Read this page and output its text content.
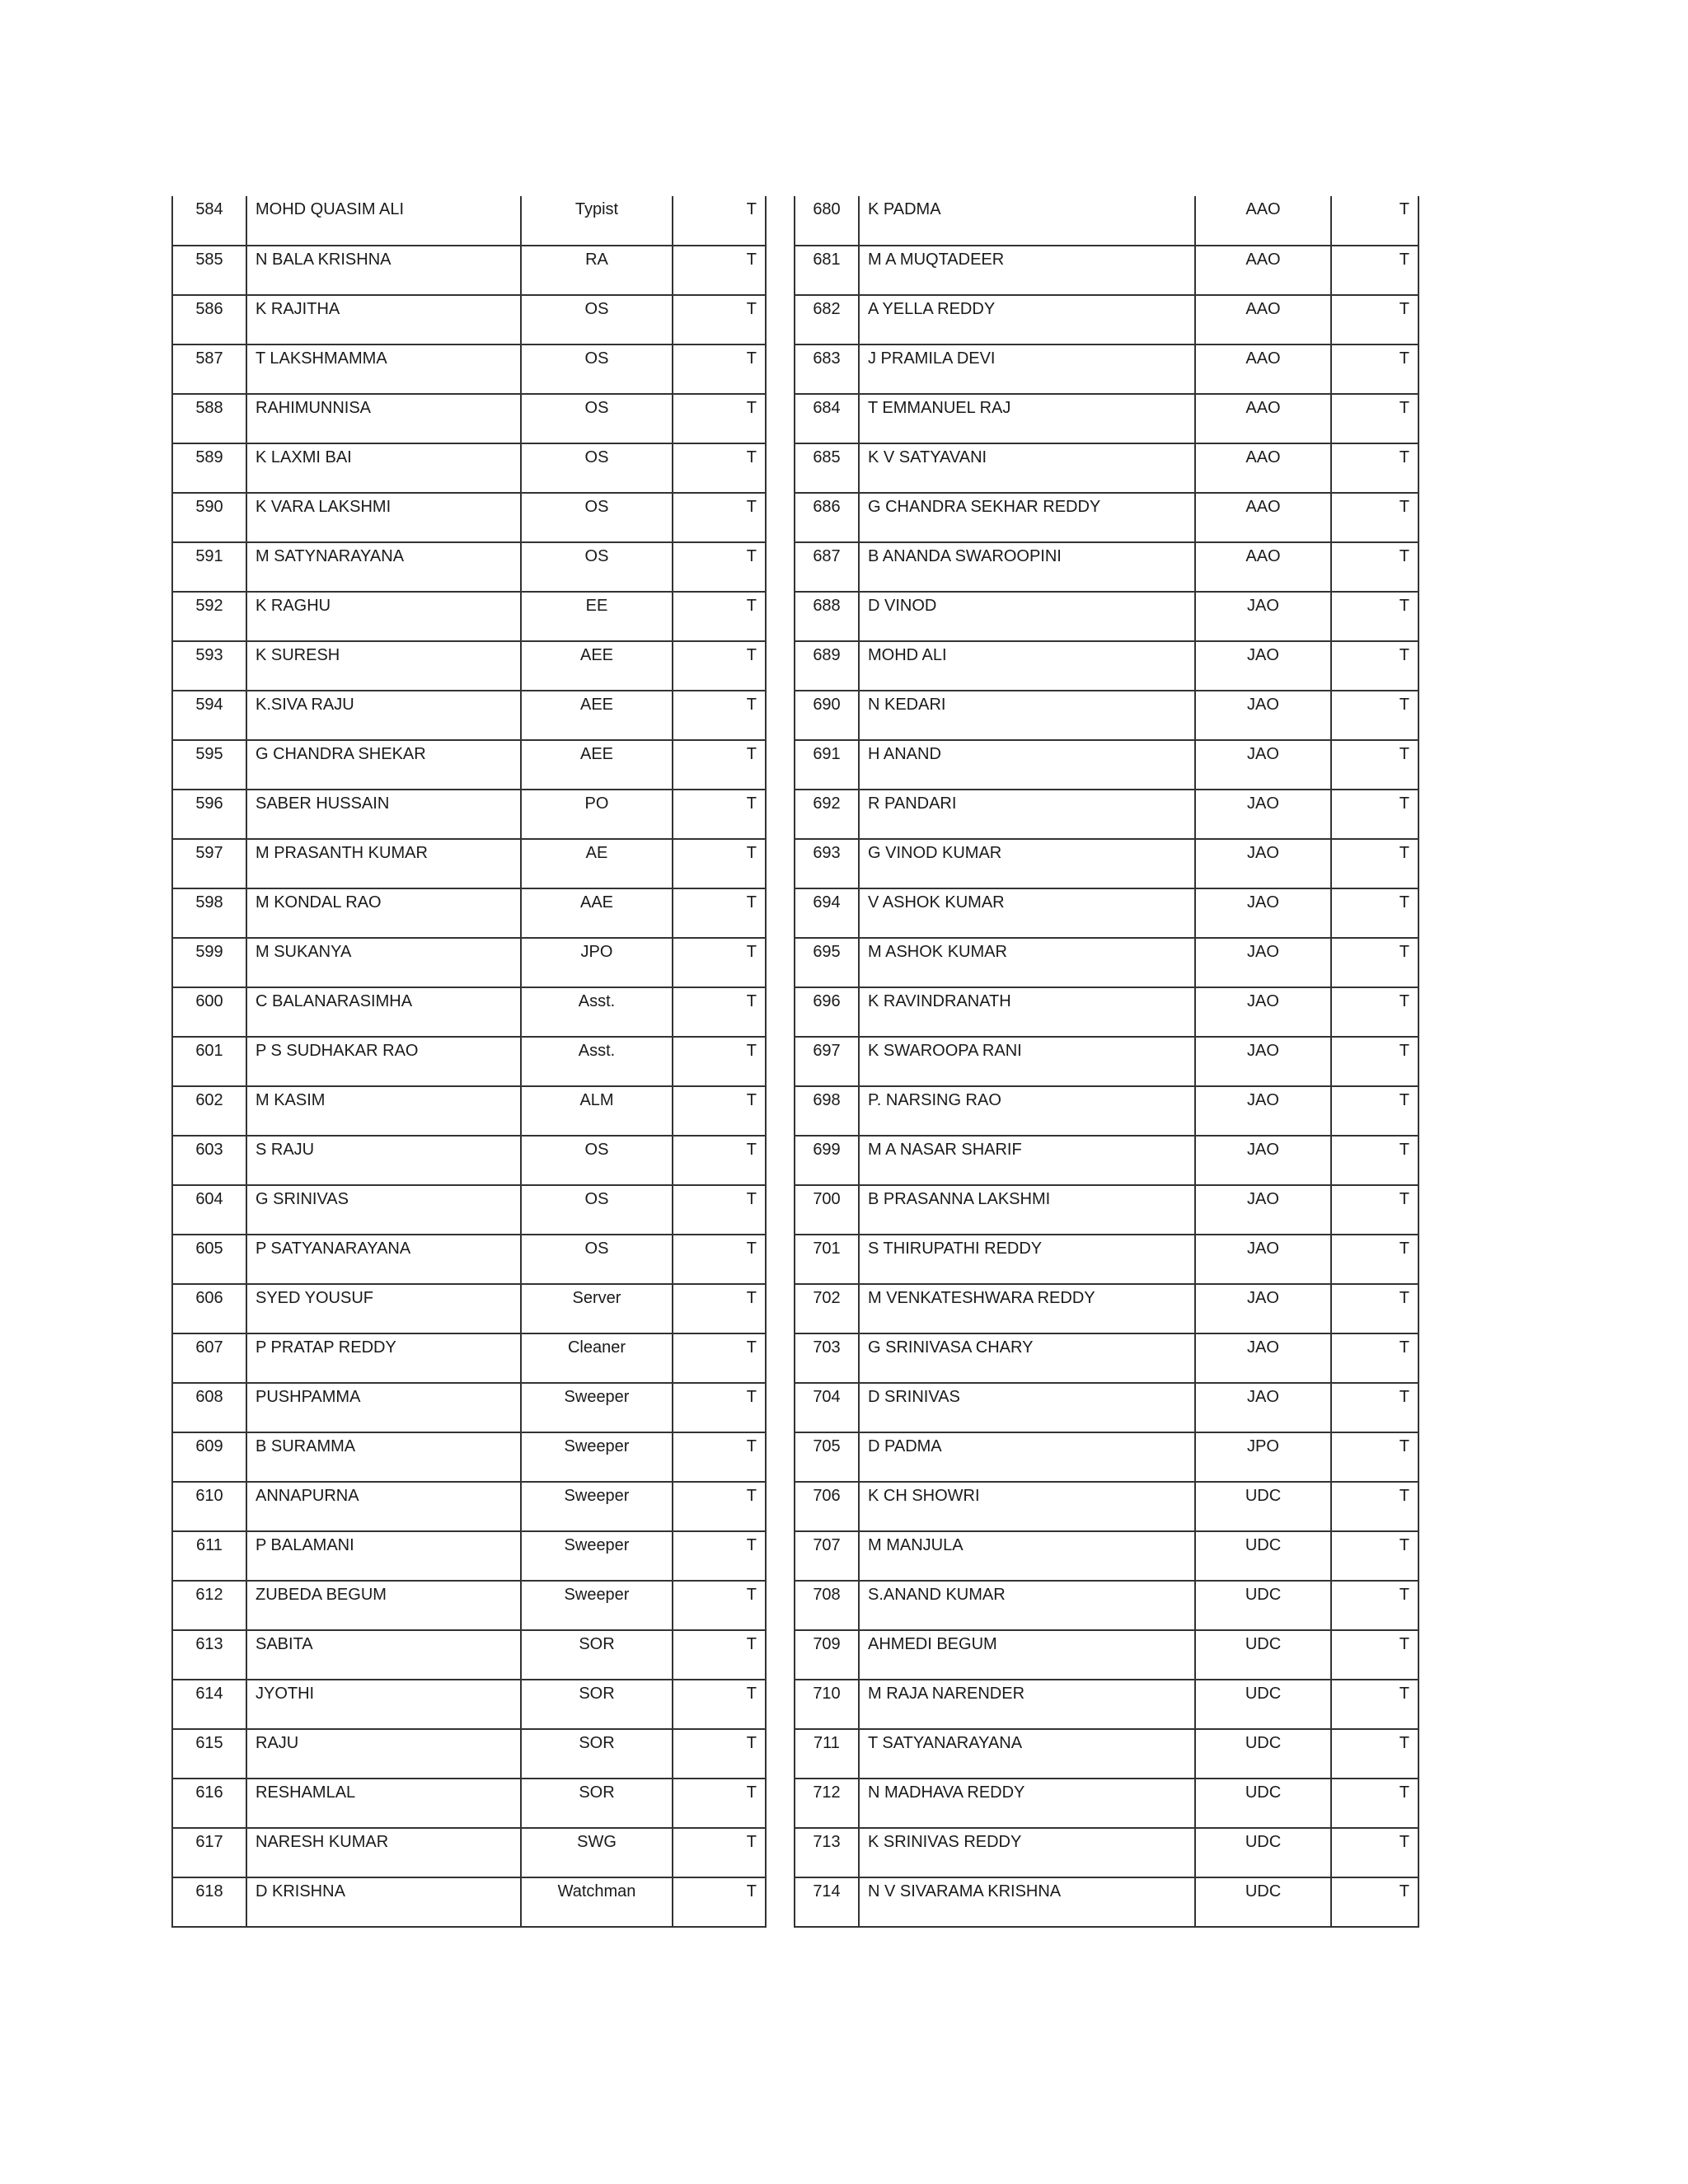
584	MOHD QUASIM ALI	Typist	T
585	N BALA KRISHNA	RA	T
586	K RAJITHA	OS	T
587	T LAKSHMAMMA	OS	T
588	RAHIMUNNISA	OS	T
589	K LAXMI BAI	OS	T
590	K VARA LAKSHMI	OS	T
591	M SATYNARAYANA	OS	T
592	K RAGHU	EE	T
593	K SURESH	AEE	T
594	K.SIVA RAJU	AEE	T
595	G CHANDRA SHEKAR	AEE	T
596	SABER HUSSAIN	PO	T
597	M PRASANTH KUMAR	AE	T
598	M KONDAL RAO	AAE	T
599	M SUKANYA	JPO	T
600	C BALANARASIMHA	Asst.	T
601	P S SUDHAKAR RAO	Asst.	T
602	M KASIM	ALM	T
603	S RAJU	OS	T
604	G SRINIVAS	OS	T
605	P SATYANARAYANA	OS	T
606	SYED YOUSUF	Server	T
607	P PRATAP REDDY	Cleaner	T
608	PUSHPAMMA	Sweeper	T
609	B SURAMMA	Sweeper	T
610	ANNAPURNA	Sweeper	T
611	P BALAMANI	Sweeper	T
612	ZUBEDA BEGUM	Sweeper	T
613	SABITA	SOR	T
614	JYOTHI	SOR	T
615	RAJU	SOR	T
616	RESHAMLAL	SOR	T
617	NARESH KUMAR	SWG	T
618	D KRISHNA	Watchman	T
680	K PADMA	AAO	T
681	M A MUQTADEER	AAO	T
682	A YELLA REDDY	AAO	T
683	J PRAMILA DEVI	AAO	T
684	T EMMANUEL RAJ	AAO	T
685	K V SATYAVANI	AAO	T
686	G CHANDRA SEKHAR REDDY	AAO	T
687	B ANANDA SWAROOPINI	AAO	T
688	D VINOD	JAO	T
689	MOHD ALI	JAO	T
690	N KEDARI	JAO	T
691	H ANAND	JAO	T
692	R PANDARI	JAO	T
693	G VINOD KUMAR	JAO	T
694	V ASHOK KUMAR	JAO	T
695	M ASHOK KUMAR	JAO	T
696	K RAVINDRANATH	JAO	T
697	K SWAROOPA RANI	JAO	T
698	P. NARSING RAO	JAO	T
699	M A NASAR SHARIF	JAO	T
700	B PRASANNA LAKSHMI	JAO	T
701	S THIRUPATHI REDDY	JAO	T
702	M VENKATESHWARA REDDY	JAO	T
703	G SRINIVASA CHARY	JAO	T
704	D SRINIVAS	JAO	T
705	D PADMA	JPO	T
706	K CH SHOWRI	UDC	T
707	M MANJULA	UDC	T
708	S.ANAND KUMAR	UDC	T
709	AHMEDI BEGUM	UDC	T
710	M RAJA NARENDER	UDC	T
711	T SATYANARAYANA	UDC	T
712	N MADHAVA REDDY	UDC	T
713	K SRINIVAS REDDY	UDC	T
714	N V SIVARAMA KRISHNA	UDC	T
